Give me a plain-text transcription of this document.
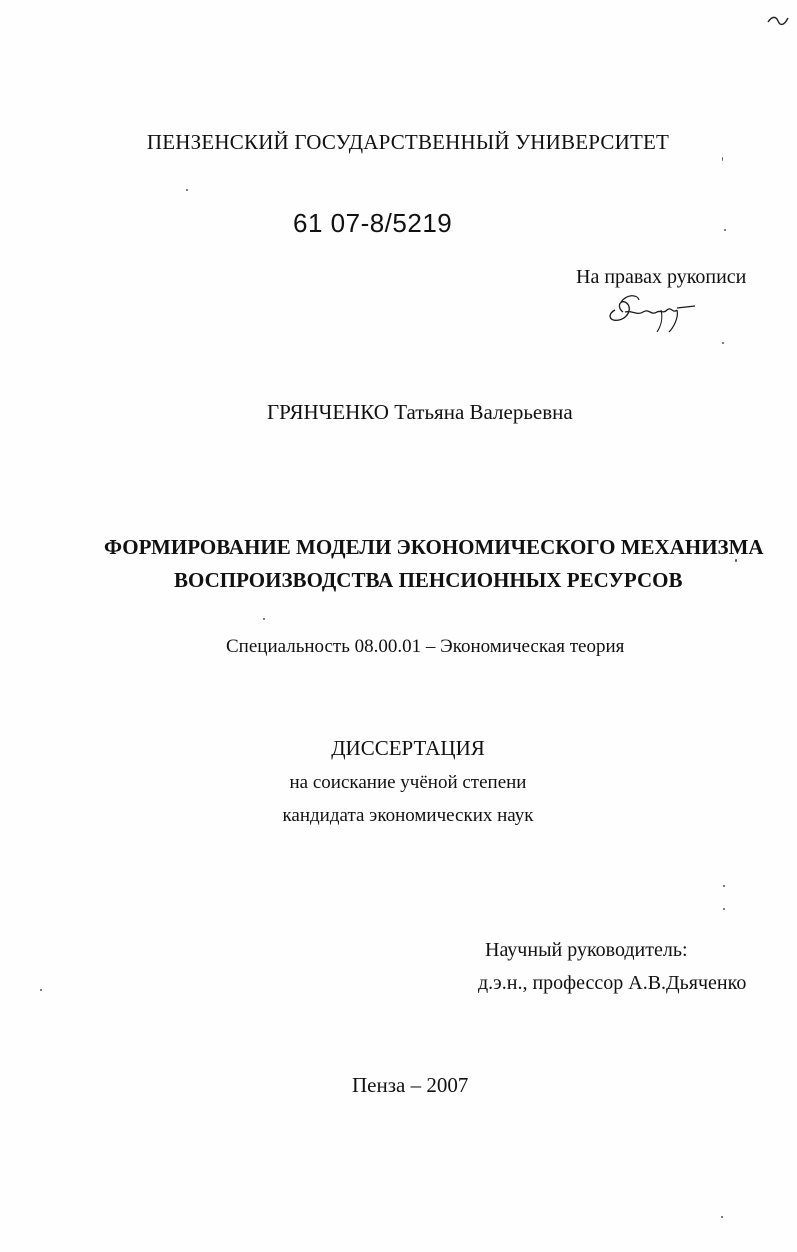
ПЕНЗЕНСКИЙ ГОСУДАРСТВЕННЫЙ УНИВЕРСИТЕТ

61 07-8/5219

На правах рукописи

ГРЯНЧЕНКО Татьяна Валерьевна

ФОРМИРОВАНИЕ МОДЕЛИ ЭКОНОМИЧЕСКОГО МЕХАНИЗМА

ВОСПРОИЗВОДСТВА ПЕНСИОННЫХ РЕСУРСОВ

Специальность 08.00.01 – Экономическая теория

ДИССЕРТАЦИЯ

на соискание учёной степени

кандидата экономических наук

Научный руководитель:

д.э.н., профессор А.В.Дьяченко

Пенза – 2007
